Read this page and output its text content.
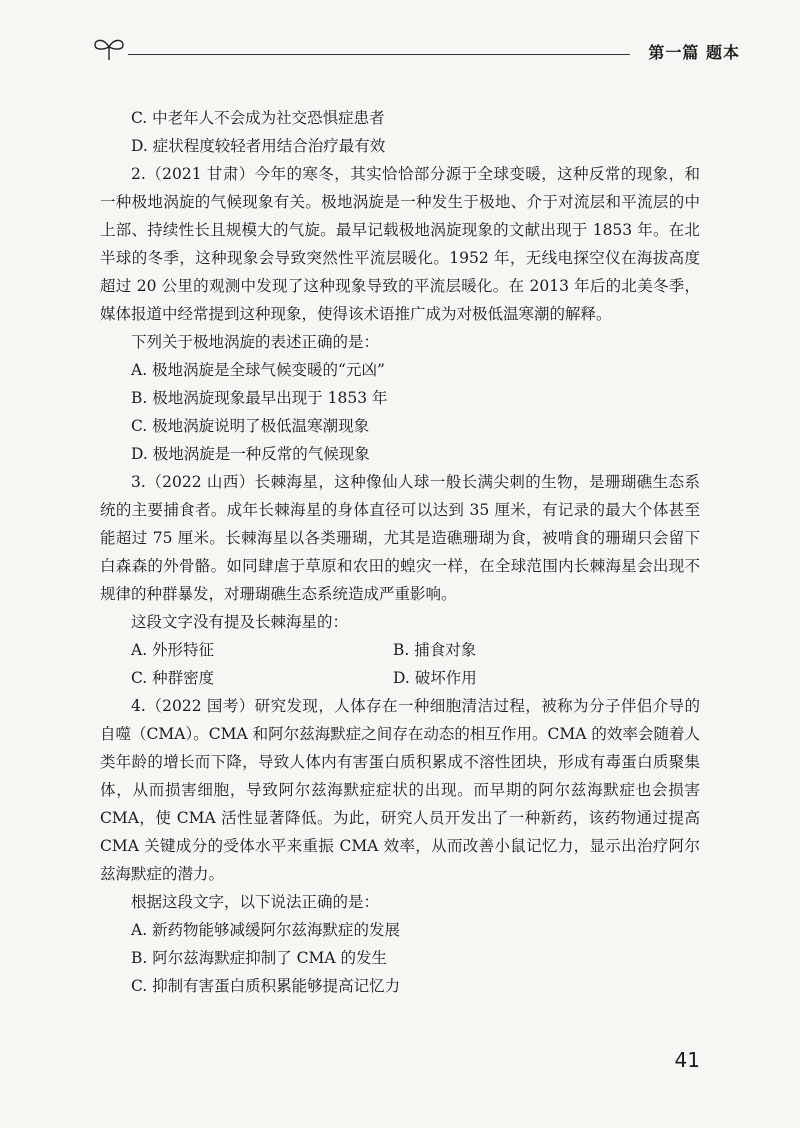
第一篇 题本

C. 中老年人不会成为社交恐惧症患者

D. 症状程度较轻者用结合治疗最有效

2.（2021 甘肃）今年的寒冬，其实恰恰部分源于全球变暖，这种反常的现象，和一种极地涡旋的气候现象有关。极地涡旋是一种发生于极地、介于对流层和平流层的中上部、持续性长且规模大的气旋。最早记载极地涡旋现象的文献出现于 1853 年。在北半球的冬季，这种现象会导致突然性平流层暖化。1952 年，无线电探空仪在海拔高度超过 20 公里的观测中发现了这种现象导致的平流层暖化。在 2013 年后的北美冬季，媒体报道中经常提到这种现象，使得该术语推广成为对极低温寒潮的解释。

下列关于极地涡旋的表述正确的是：

A. 极地涡旋是全球气候变暖的“元凶”

B. 极地涡旋现象最早出现于 1853 年

C. 极地涡旋说明了极低温寒潮现象

D. 极地涡旋是一种反常的气候现象

3.（2022 山西）长棘海星，这种像仙人球一般长满尖刺的生物，是珊瑚礁生态系统的主要捕食者。成年长棘海星的身体直径可以达到 35 厘米，有记录的最大个体甚至能超过 75 厘米。长棘海星以各类珊瑚，尤其是造礁珊瑚为食，被啃食的珊瑚只会留下白森森的外骨骼。如同肆虐于草原和农田的蝗灾一样，在全球范围内长棘海星会出现不规律的种群暴发，对珊瑚礁生态系统造成严重影响。

这段文字没有提及长棘海星的：

A. 外形特征	B. 捕食对象
C. 种群密度	D. 破坏作用

4.（2022 国考）研究发现，人体存在一种细胞清洁过程，被称为分子伴侣介导的自噬（CMA）。CMA 和阿尔兹海默症之间存在动态的相互作用。CMA 的效率会随着人类年龄的增长而下降，导致人体内有害蛋白质积累成不溶性团块，形成有毒蛋白质聚集体，从而损害细胞，导致阿尔兹海默症症状的出现。而早期的阿尔兹海默症也会损害 CMA，使 CMA 活性显著降低。为此，研究人员开发出了一种新药，该药物通过提高 CMA 关键成分的受体水平来重振 CMA 效率，从而改善小鼠记忆力，显示出治疗阿尔兹海默症的潜力。

根据这段文字，以下说法正确的是：

A. 新药物能够减缓阿尔兹海默症的发展

B. 阿尔兹海默症抑制了 CMA 的发生

C. 抑制有害蛋白质积累能够提高记忆力

41
